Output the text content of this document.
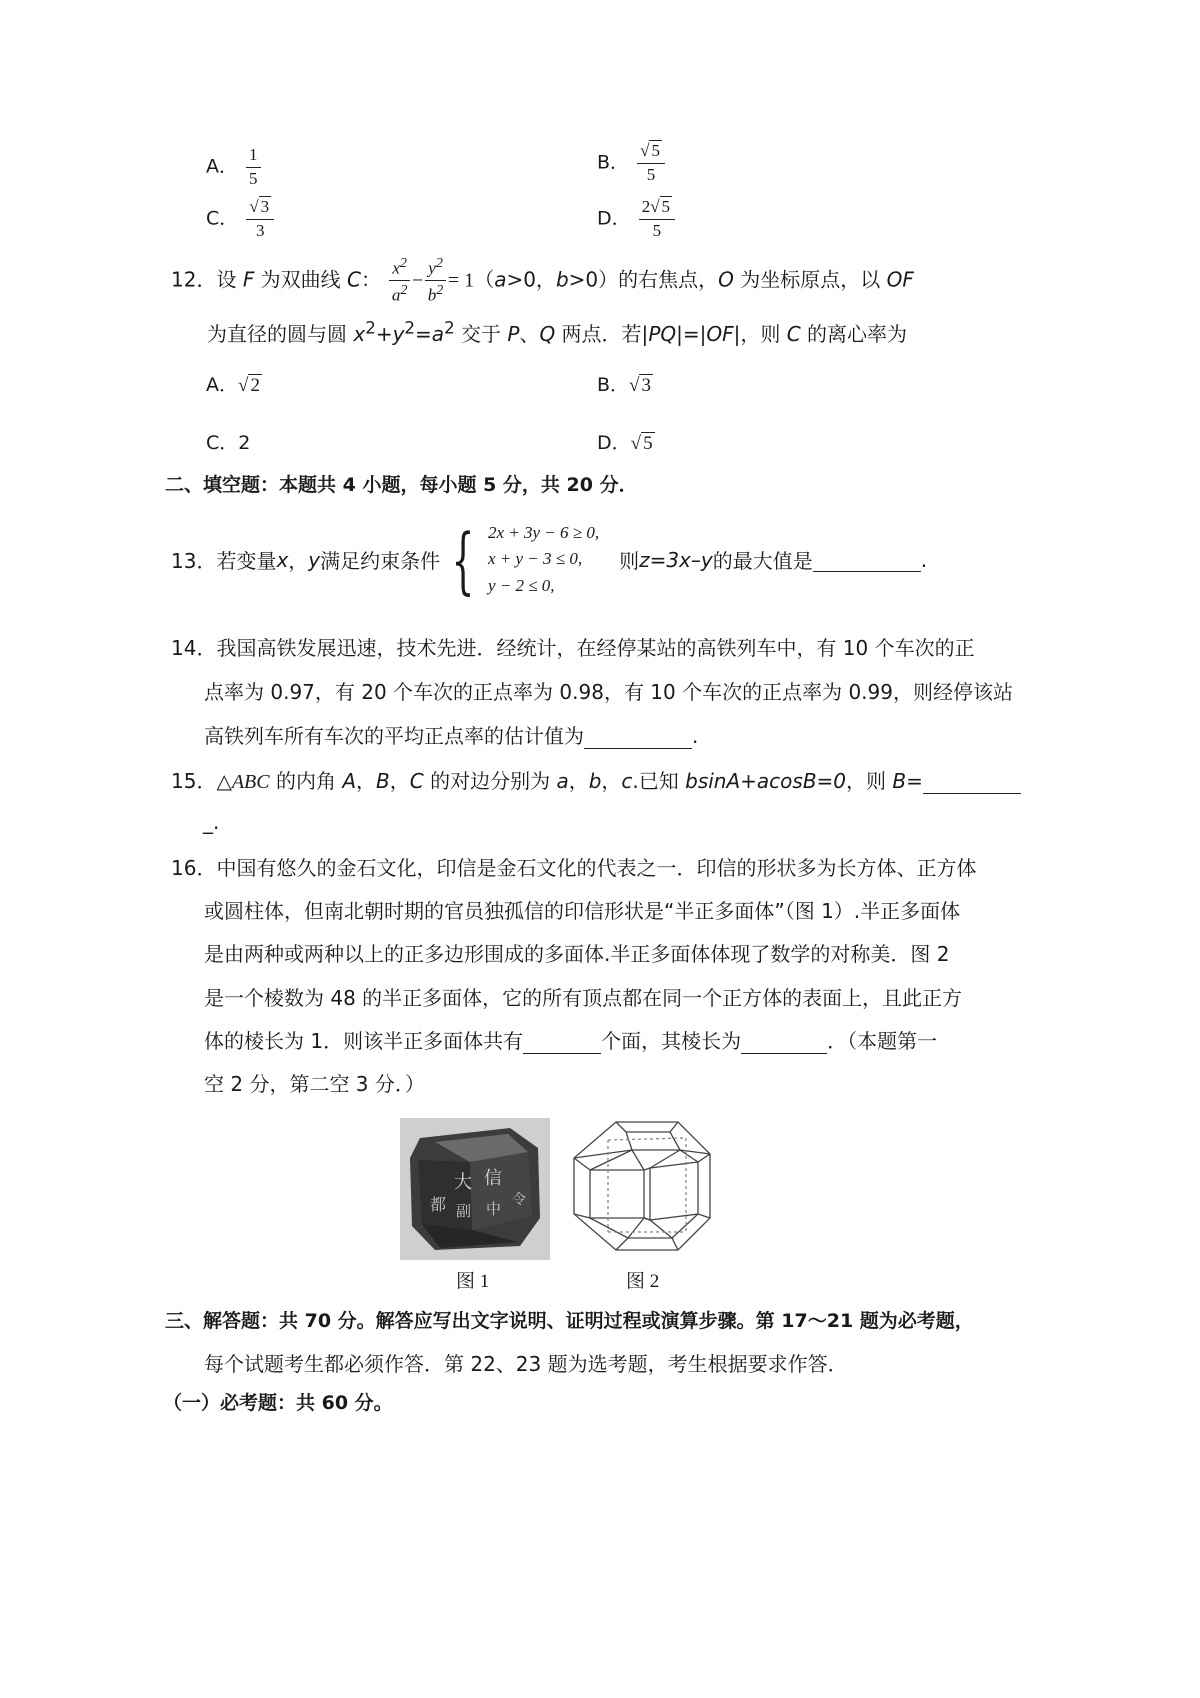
A． $\frac{1}{5}$	B． $\frac{√ 5}{5}$
C． $\frac{√ 3}{3}$	D． $\frac{2√ 5}{5}$
12．设 F 为双曲线 C： $\frac{x^2}{a^2} - \frac{y^2}{b^2} = 1(a>0$，b>0）的右焦点，O 为坐标原点，以 OF
为直径的圆与圆 $x^2+y^2=a^2$ 交于 P、Q 两点．若|PQ|=|OF|，则 C 的离心率为
A．√ 2	B．√ 3
C．2	D．√ 5
二、填空题：本题共 4 小题，每小题 5 分，共 20 分．
13． 若变量 x ， y 满足约束条件 { 2x + 3y − 6 ≥ 0,
x + y − 3 ≤ 0,
y − 2 ≤ 0,
则 z=3x–y 的最大值是
	.
14．我国高铁发展迅速，技术先进．经统计，在经停某站的高铁列车中，有 10 个车次的正
点率为 0.97，有 20 个车次的正点率为 0.98，有 10 个车次的正点率为 0.99，则经停该站
高铁列车所有车次的平均正点率的估计值为	.
15．△ABC 的内角 A，B，C 的对边分别为 a，b，c.已知 bsinA+acosB=0，则 B=
_.
16．中国有悠久的金石文化，印信是金石文化的代表之一．印信的形状多为长方体、正方体
或圆柱体，但南北朝时期的官员独孤信的印信形状是“半正多面体”（图 1）.半正多面体
是由两种或两种以上的正多边形围成的多面体.半正多面体体现了数学的对称美．图 2
是一个棱数为 48 的半正多面体，它的所有顶点都在同一个正方体的表面上，且此正方
体的棱长为 1．则该半正多面体共有	个面，其棱长为	．（本题第一
空 2 分，第二空 3 分．）
大
都
信
令
副 中
图 1	图 2
三、解答题：共 70 分。解答应写出文字说明、证明过程或演算步骤。第 17～21 题为必考题，
每个试题考生都必须作答．第 22、23 题为选考题，考生根据要求作答．
（一）必考题：共 60 分。
